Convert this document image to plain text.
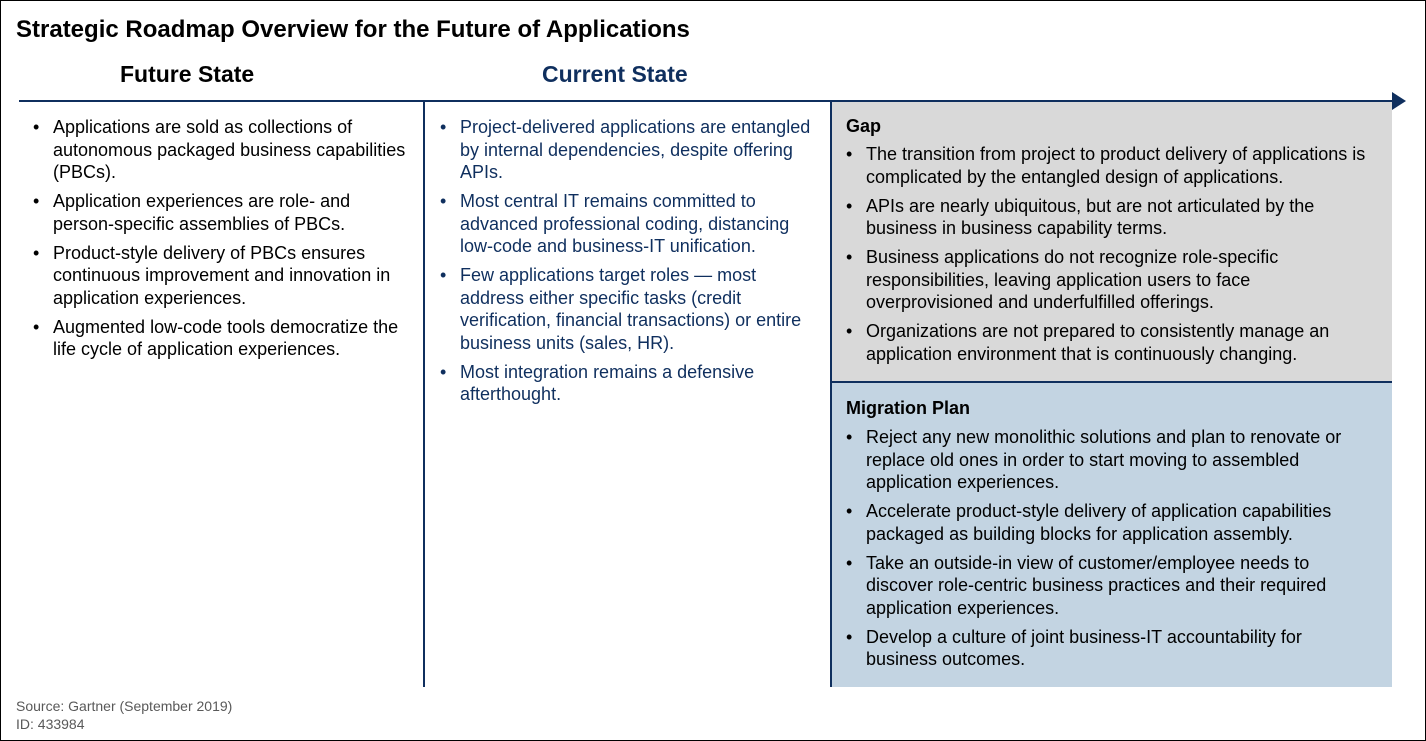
Strategic Roadmap Overview for the Future of Applications
Future State	Current State
• Applications are sold as collections of autonomous packaged business capabilities (PBCs).
• Application experiences are role- and person-specific assemblies of PBCs.
• Product-style delivery of PBCs ensures continuous improvement and innovation in application experiences.
• Augmented low-code tools democratize the life cycle of application experiences.
• Project-delivered applications are entangled by internal dependencies, despite offering APIs.
• Most central IT remains committed to advanced professional coding, distancing low-code and business-IT unification.
• Few applications target roles — most address either specific tasks (credit verification, financial transactions) or entire business units (sales, HR).
• Most integration remains a defensive afterthought.
Gap
• The transition from project to product delivery of applications is complicated by the entangled design of applications.
• APIs are nearly ubiquitous, but are not articulated by the business in business capability terms.
• Business applications do not recognize role-specific responsibilities, leaving application users to face overprovisioned and underfulfilled offerings.
• Organizations are not prepared to consistently manage an application environment that is continuously changing.
Migration Plan
• Reject any new monolithic solutions and plan to renovate or replace old ones in order to start moving to assembled application experiences.
• Accelerate product-style delivery of application capabilities packaged as building blocks for application assembly.
• Take an outside-in view of customer/employee needs to discover role-centric business practices and their required application experiences.
• Develop a culture of joint business-IT accountability for business outcomes.
Source: Gartner (September 2019)
ID: 433984
